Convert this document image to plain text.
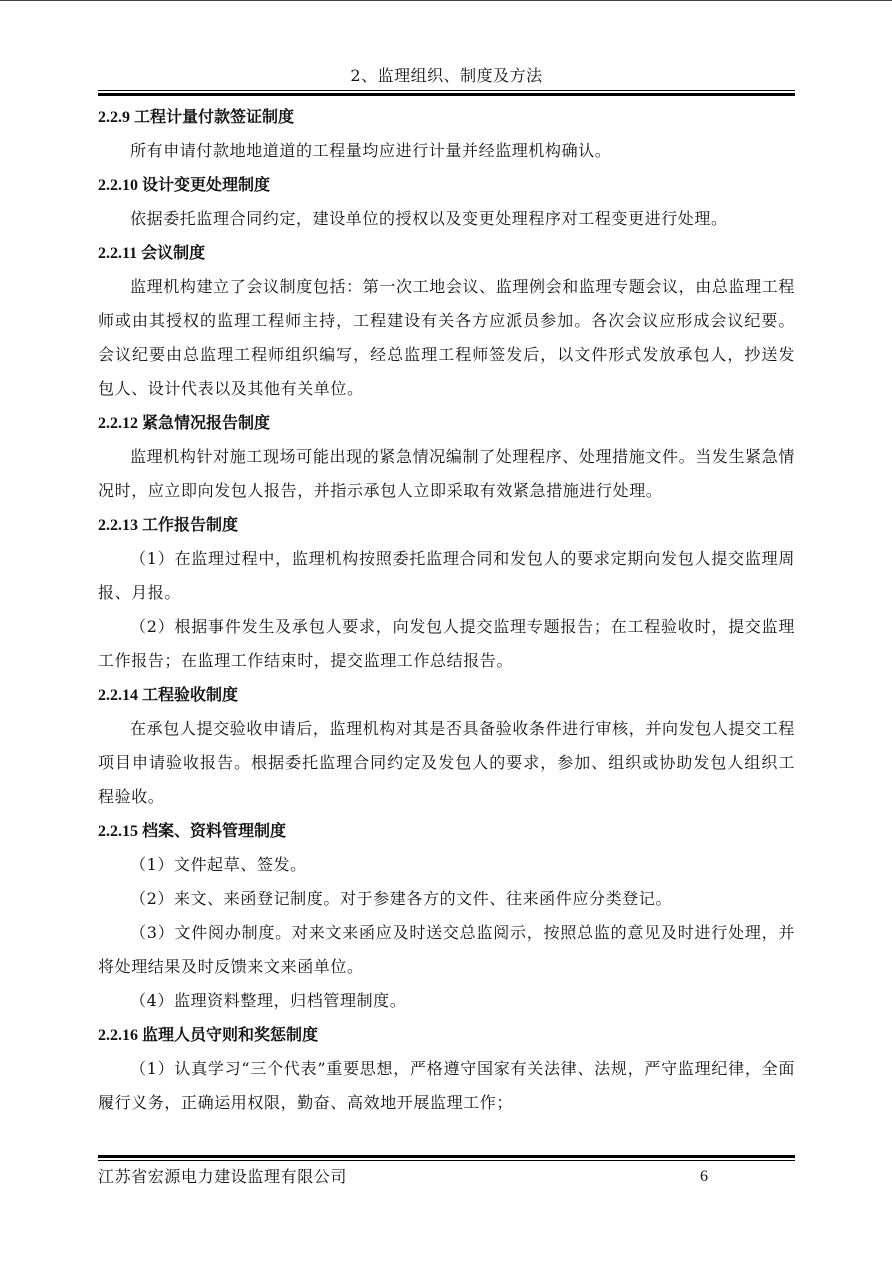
2、监理组织、制度及方法
2.2.9 工程计量付款签证制度

所有申请付款地地道道的工程量均应进行计量并经监理机构确认。

2.2.10 设计变更处理制度

依据委托监理合同约定，建设单位的授权以及变更处理程序对工程变更进行处理。

2.2.11 会议制度

监理机构建立了会议制度包括：第一次工地会议、监理例会和监理专题会议，由总监理工程师或由其授权的监理工程师主持，工程建设有关各方应派员参加。各次会议应形成会议纪要。会议纪要由总监理工程师组织编写，经总监理工程师签发后，以文件形式发放承包人，抄送发包人、设计代表以及其他有关单位。

2.2.12 紧急情况报告制度

监理机构针对施工现场可能出现的紧急情况编制了处理程序、处理措施文件。当发生紧急情况时，应立即向发包人报告，并指示承包人立即采取有效紧急措施进行处理。

2.2.13 工作报告制度

（1）在监理过程中，监理机构按照委托监理合同和发包人的要求定期向发包人提交监理周报、月报。

（2）根据事件发生及承包人要求，向发包人提交监理专题报告；在工程验收时，提交监理工作报告；在监理工作结束时，提交监理工作总结报告。

2.2.14 工程验收制度

在承包人提交验收申请后，监理机构对其是否具备验收条件进行审核，并向发包人提交工程项目申请验收报告。根据委托监理合同约定及发包人的要求，参加、组织或协助发包人组织工程验收。

2.2.15 档案、资料管理制度

（1）文件起草、签发。

（2）来文、来函登记制度。对于参建各方的文件、往来函件应分类登记。

（3）文件阅办制度。对来文来函应及时送交总监阅示，按照总监的意见及时进行处理，并将处理结果及时反馈来文来函单位。

（4）监理资料整理，归档管理制度。

2.2.16 监理人员守则和奖惩制度

（1）认真学习“三个代表”重要思想，严格遵守国家有关法律、法规，严守监理纪律，全面履行义务，正确运用权限，勤奋、高效地开展监理工作；

江苏省宏源电力建设监理有限公司	6
